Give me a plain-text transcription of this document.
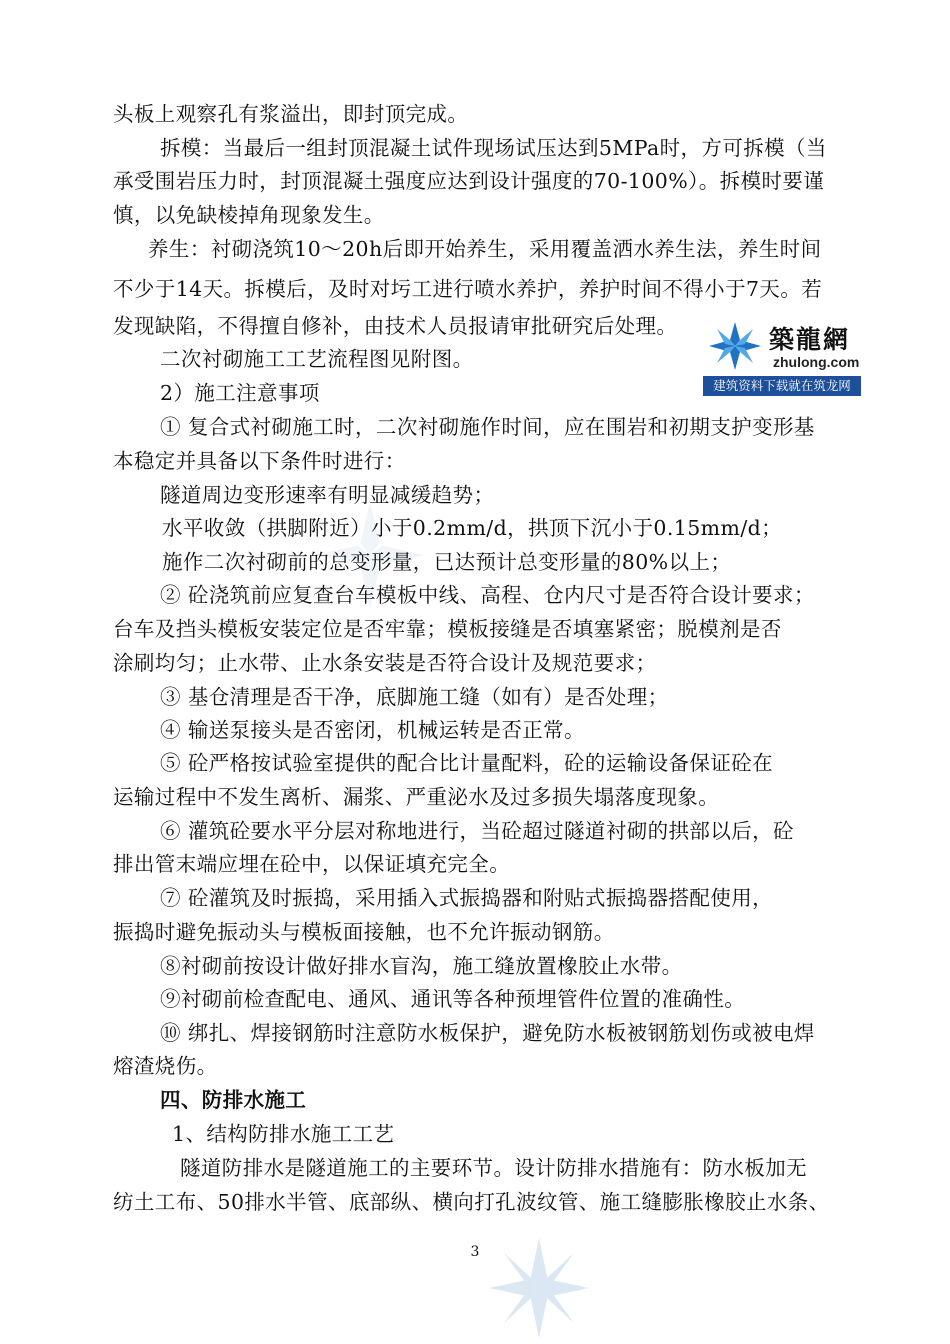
头板上观察孔有浆溢出，即封顶完成。
拆模：当最后一组封顶混凝土试件现场试压达到5MPa时，方可拆模（当
承受围岩压力时，封顶混凝土强度应达到设计强度的70-100%）。拆模时要谨
慎，以免缺棱掉角现象发生。
养生：衬砌浇筑10～20h后即开始养生，采用覆盖洒水养生法，养生时间
不少于14天。拆模后，及时对圬工进行喷水养护，养护时间不得小于7天。若
发现缺陷，不得擅自修补，由技术人员报请审批研究后处理。
二次衬砌施工工艺流程图见附图。
2）施工注意事项
① 复合式衬砌施工时，二次衬砌施作时间，应在围岩和初期支护变形基
本稳定并具备以下条件时进行：
隧道周边变形速率有明显减缓趋势；
水平收敛（拱脚附近）小于0.2mm/d，拱顶下沉小于0.15mm/d；
施作二次衬砌前的总变形量，已达预计总变形量的80%以上；
② 砼浇筑前应复查台车模板中线、高程、仓内尺寸是否符合设计要求；
台车及挡头模板安装定位是否牢靠；模板接缝是否填塞紧密；脱模剂是否
涂刷均匀；止水带、止水条安装是否符合设计及规范要求；
③ 基仓清理是否干净，底脚施工缝（如有）是否处理；
④ 输送泵接头是否密闭，机械运转是否正常。
⑤ 砼严格按试验室提供的配合比计量配料，砼的运输设备保证砼在
运输过程中不发生离析、漏浆、严重泌水及过多损失塌落度现象。
⑥ 灌筑砼要水平分层对称地进行，当砼超过隧道衬砌的拱部以后，砼
排出管末端应埋在砼中，以保证填充完全。
⑦ 砼灌筑及时振捣，采用插入式振捣器和附贴式振捣器搭配使用，
振捣时避免振动头与模板面接触，也不允许振动钢筋。
⑧衬砌前按设计做好排水盲沟，施工缝放置橡胶止水带。
⑨衬砌前检查配电、通风、通讯等各种预埋管件位置的准确性。
⑩ 绑扎、焊接钢筋时注意防水板保护，避免防水板被钢筋划伤或被电焊
熔渣烧伤。
四、防排水施工
1、结构防排水施工工艺
隧道防排水是隧道施工的主要环节。设计防排水措施有：防水板加无
纺土工布、50排水半管、底部纵、横向打孔波纹管、施工缝膨胀橡胶止水条、
築龍網
zhulong.com
建筑资料下载就在筑龙网
3
